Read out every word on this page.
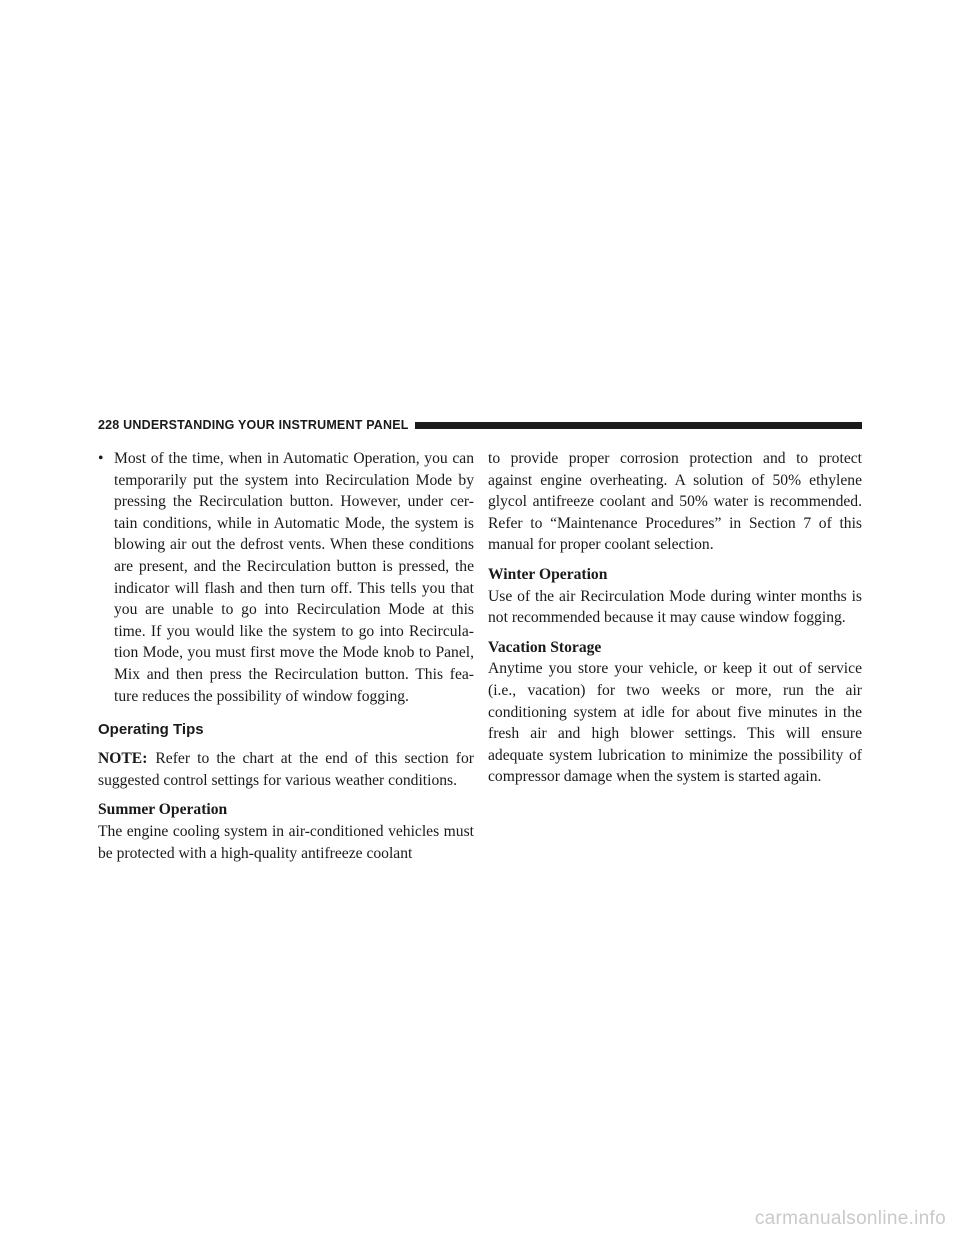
228 UNDERSTANDING YOUR INSTRUMENT PANEL
• Most of the time, when in Automatic Operation, you can temporarily put the system into Recirculation Mode by pressing the Recirculation button. However, under cer-tain conditions, while in Automatic Mode, the system is blowing air out the defrost vents. When these conditions are present, and the Recirculation button is pressed, the indicator will flash and then turn off. This tells you that you are unable to go into Recirculation Mode at this time. If you would like the system to go into Recircula-tion Mode, you must first move the Mode knob to Panel, Mix and then press the Recirculation button. This fea-ture reduces the possibility of window fogging.
Operating Tips

NOTE: Refer to the chart at the end of this section for suggested control settings for various weather conditions.

Summer Operation

The engine cooling system in air-conditioned vehicles must be protected with a high-quality antifreeze coolant

to provide proper corrosion protection and to protect against engine overheating. A solution of 50% ethylene glycol antifreeze coolant and 50% water is recommended. Refer to “Maintenance Procedures” in Section 7 of this manual for proper coolant selection.

Winter Operation

Use of the air Recirculation Mode during winter months is not recommended because it may cause window fogging.

Vacation Storage

Anytime you store your vehicle, or keep it out of service (i.e., vacation) for two weeks or more, run the air conditioning system at idle for about five minutes in the fresh air and high blower settings. This will ensure adequate system lubrication to minimize the possibility of compressor damage when the system is started again.

carmanualsonline.info
